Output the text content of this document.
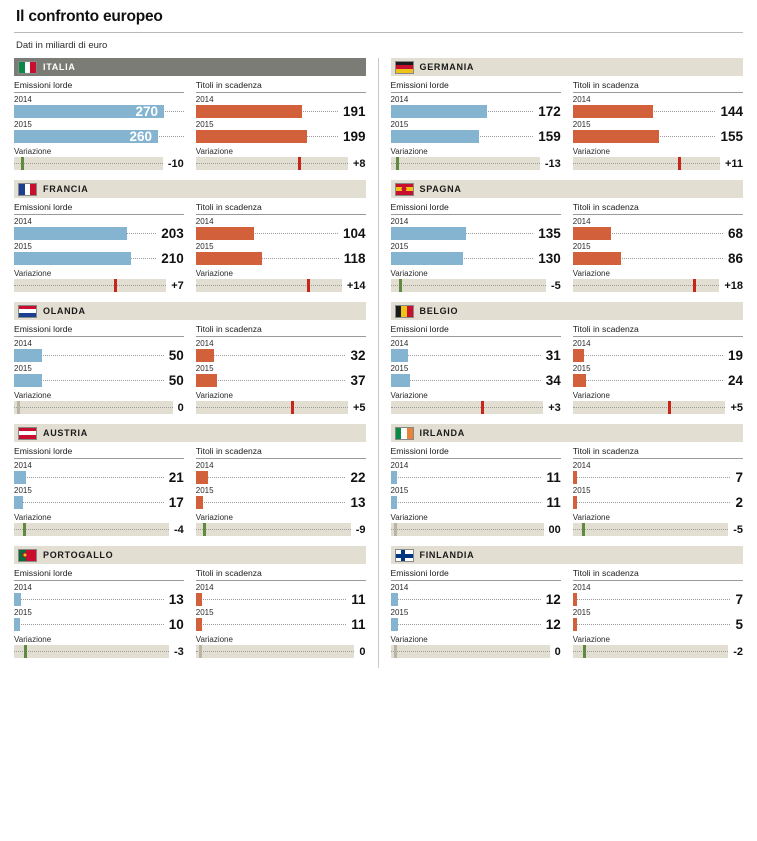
Il confronto europeo
Dati in miliardi di euro
ITALIA
Emissioni lorde
2014
270
2015
260
Variazione
-10
Titoli in scadenza
2014
191
2015
199
Variazione
+8
FRANCIA
Emissioni lorde
2014
203
2015
210
Variazione
+7
Titoli in scadenza
2014
104
2015
118
Variazione
+14
OLANDA
Emissioni lorde
2014
50
2015
50
Variazione
0
Titoli in scadenza
2014
32
2015
37
Variazione
+5
AUSTRIA
Emissioni lorde
2014
21
2015
17
Variazione
-4
Titoli in scadenza
2014
22
2015
13
Variazione
-9
PORTOGALLO
Emissioni lorde
2014
13
2015
10
Variazione
-3
Titoli in scadenza
2014
11
2015
11
Variazione
0
GERMANIA
Emissioni lorde
2014
172
2015
159
Variazione
-13
Titoli in scadenza
2014
144
2015
155
Variazione
+11
SPAGNA
Emissioni lorde
2014
135
2015
130
Variazione
-5
Titoli in scadenza
2014
68
2015
86
Variazione
+18
BELGIO
Emissioni lorde
2014
31
2015
34
Variazione
+3
Titoli in scadenza
2014
19
2015
24
Variazione
+5
IRLANDA
Emissioni lorde
2014
11
2015
11
Variazione
00
Titoli in scadenza
2014
7
2015
2
Variazione
-5
FINLANDIA
Emissioni lorde
2014
12
2015
12
Variazione
0
Titoli in scadenza
2014
7
2015
5
Variazione
-2
